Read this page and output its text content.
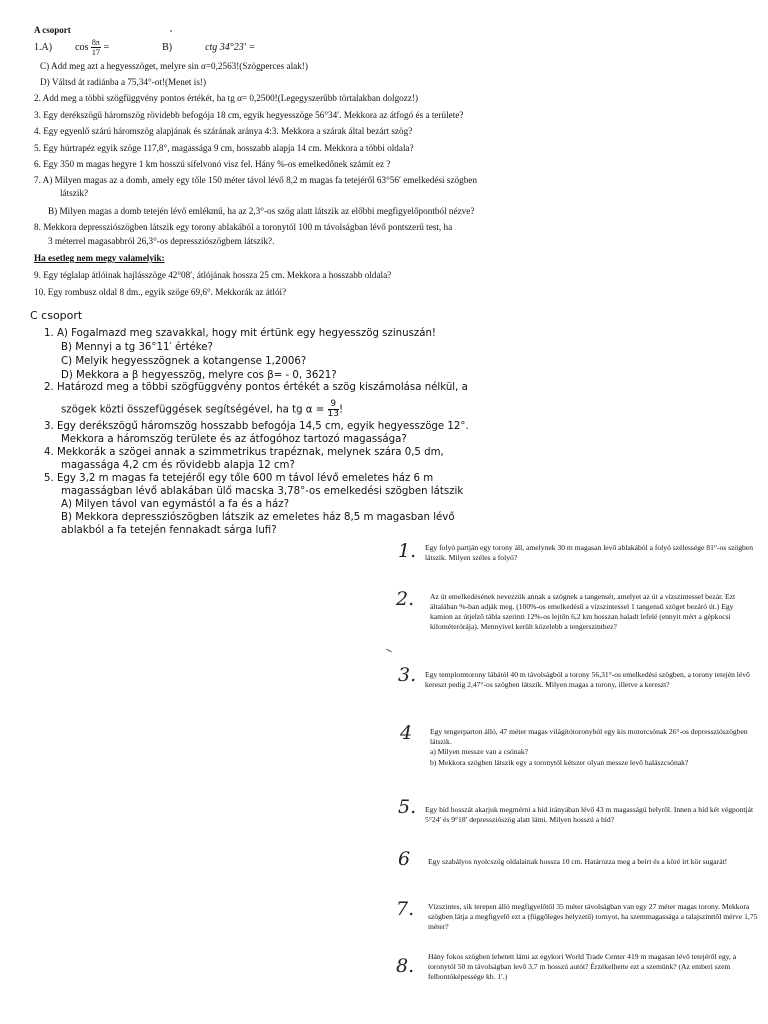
A csoport
1.A) $\cos \frac{8\pi}{17}$ =	B)	ctg 34°23′ =
C) Add meg azt a hegyesszöget, melyre sin α=0,2563!(Szögperces alak!)
D) Váltsd át radiánba a 75,34°-ot!(Menet is!)
2. Add meg a többi szögfüggvény pontos értékét, ha tg α= 0,2500!(Legegyszerűbb törtalakban dolgozz!)
3. Egy derékszögű háromszög rövidebb befogója 18 cm, egyik hegyesszöge 56°34′. Mekkora az átfogó és a területe?
4. Egy egyenlő szárú háromszög alapjának és szárának aránya 4:3. Mekkora a szárak által bezárt szög?
5. Egy húrtrapéz egyik szöge 117,8°, magassága 9 cm, hosszabb alapja 14 cm. Mekkora a többi oldala?
6. Egy 350 m magas hegyre 1 km hosszú sífelvonó visz fel. Hány %-os emelkedőnek számít ez ?
7. A) Milyen magas az a domb, amely egy tőle 150 méter távol lévő 8,2 m magas fa tetejéről 63°56′ emelkedési szögben
látszik?
B) Milyen magas a domb tetején lévő emlékmű, ha az 2,3°-os szög alatt látszik az előbbi megfigyelőpontból nézve?
8. Mekkora depressziószögben látszik egy torony ablakából a toronytól 100 m távolságban lévő pontszerű test, ha
3 méterrel magasabbról 26,3°-os depressziószögbem látszik?.
Ha esetleg nem megy valamelyik:
9. Egy téglalap átlóinak hajlásszöge 42°08′, átlójának hossza 25 cm. Mekkora a hosszabb oldala?
10. Egy rombusz oldal 8 dm., egyik szöge 69,6°. Mekkorák az átlói?
C csoport
1. A) Fogalmazd meg szavakkal, hogy mit értünk egy hegyesszög szinuszán!
B) Mennyi a tg 36°11′ értéke?
C) Melyik hegyesszögnek a kotangense 1,2006?
D) Mekkora a β hegyesszög, melyre cos β= - 0, 3621?
2. Határozd meg a többi szögfüggvény pontos értékét a szög kiszámolása nélkül, a
szögek közti összefüggések segítségével, ha tg $\alpha = \frac{9}{13}$ !
3. Egy derékszögű háromszög hosszabb befogója 14,5 cm, egyik hegyesszöge 12°.
Mekkora a háromszög területe és az átfogóhoz tartozó magassága?
4. Mekkorák a szögei annak a szimmetrikus trapéznak, melynek szára 0,5 dm,
magassága 4,2 cm és rövidebb alapja 12 cm?
5. Egy 3,2 m magas fa tetejéről egy tőle 600 m távol lévő emeletes ház 6 m
magasságban lévő ablakában ülő macska 3,78°-os emelkedési szögben látszik
A) Milyen távol van egymástól a fa és a ház?
B) Mekkora depressziószögben látszik az emeletes ház 8,5 m magasban lévő
ablakból a fa tetején fennakadt sárga lufi?
1. Egy folyó partján egy torony áll, amelynek 30 m magasan levő ablakából a folyó szélessége 81°-os szögben látszik. Milyen széles a folyó?
2. Az út emelkedésének nevezzük annak a szögnek a tangensét, amelyet az út a vízszintessel bezár. Ezt általában %-ban adják meg. (100%-os emelkedésű a vízszintessel 1 tangensű szöget bezáró út.) Egy kamion az útjelző tábla szerinti 12%-os lejtőn 6,2 km hosszan haladt lefelé (ennyit mért a gépkocsi kilométerórája). Mennyivel került közelebb a tengerszinthez?
3. Egy templomtorony lábától 40 m távolságból a torony 56,31°-os emelkedési szögben, a torony tetején lévő kereszt pedig 2,47°-os szögben látszik. Milyen magas a torony, illetve a kereszt?
4 Egy tengerparton álló, 47 méter magas világítótoronyból egy kis motorcsónak 26°-os depressziószögben látszik.
a) Milyen messze van a csónak?
b) Mekkora szögben látszik egy a toronytól kétszer olyan messze levő halászcsónak?
5. Egy híd hosszát akarjuk megmérni a híd irányában lévő 43 m magasságú helyről. Innen a híd két végpontját 5°24′ és 9°18′ depressziószög alatt látni. Milyen hosszú a híd?
6 Egy szabályos nyolcszög oldalainak hossza 10 cm. Határozza meg a beírt és a köré írt kör sugarát!
7. Vízszintes, sík terepen álló megfigyelőtől 35 méter távolságban van egy 27 méter magas torony. Mekkora szögben látja a megfigyelő ezt a (függőleges helyzetű) tornyot, ha szemmagassága a talajszinttől mérve 1,75 méter?
8. Hány fokos szögben lehetett látni az egykori World Trade Center 419 m magasan lévő tetejéről egy, a toronytól 50 m távolságban levő 3,7 m hosszú autót? Érzékelhette ezt a szemünk? (Az emberi szem felbontóképessége kb. 1′.)
